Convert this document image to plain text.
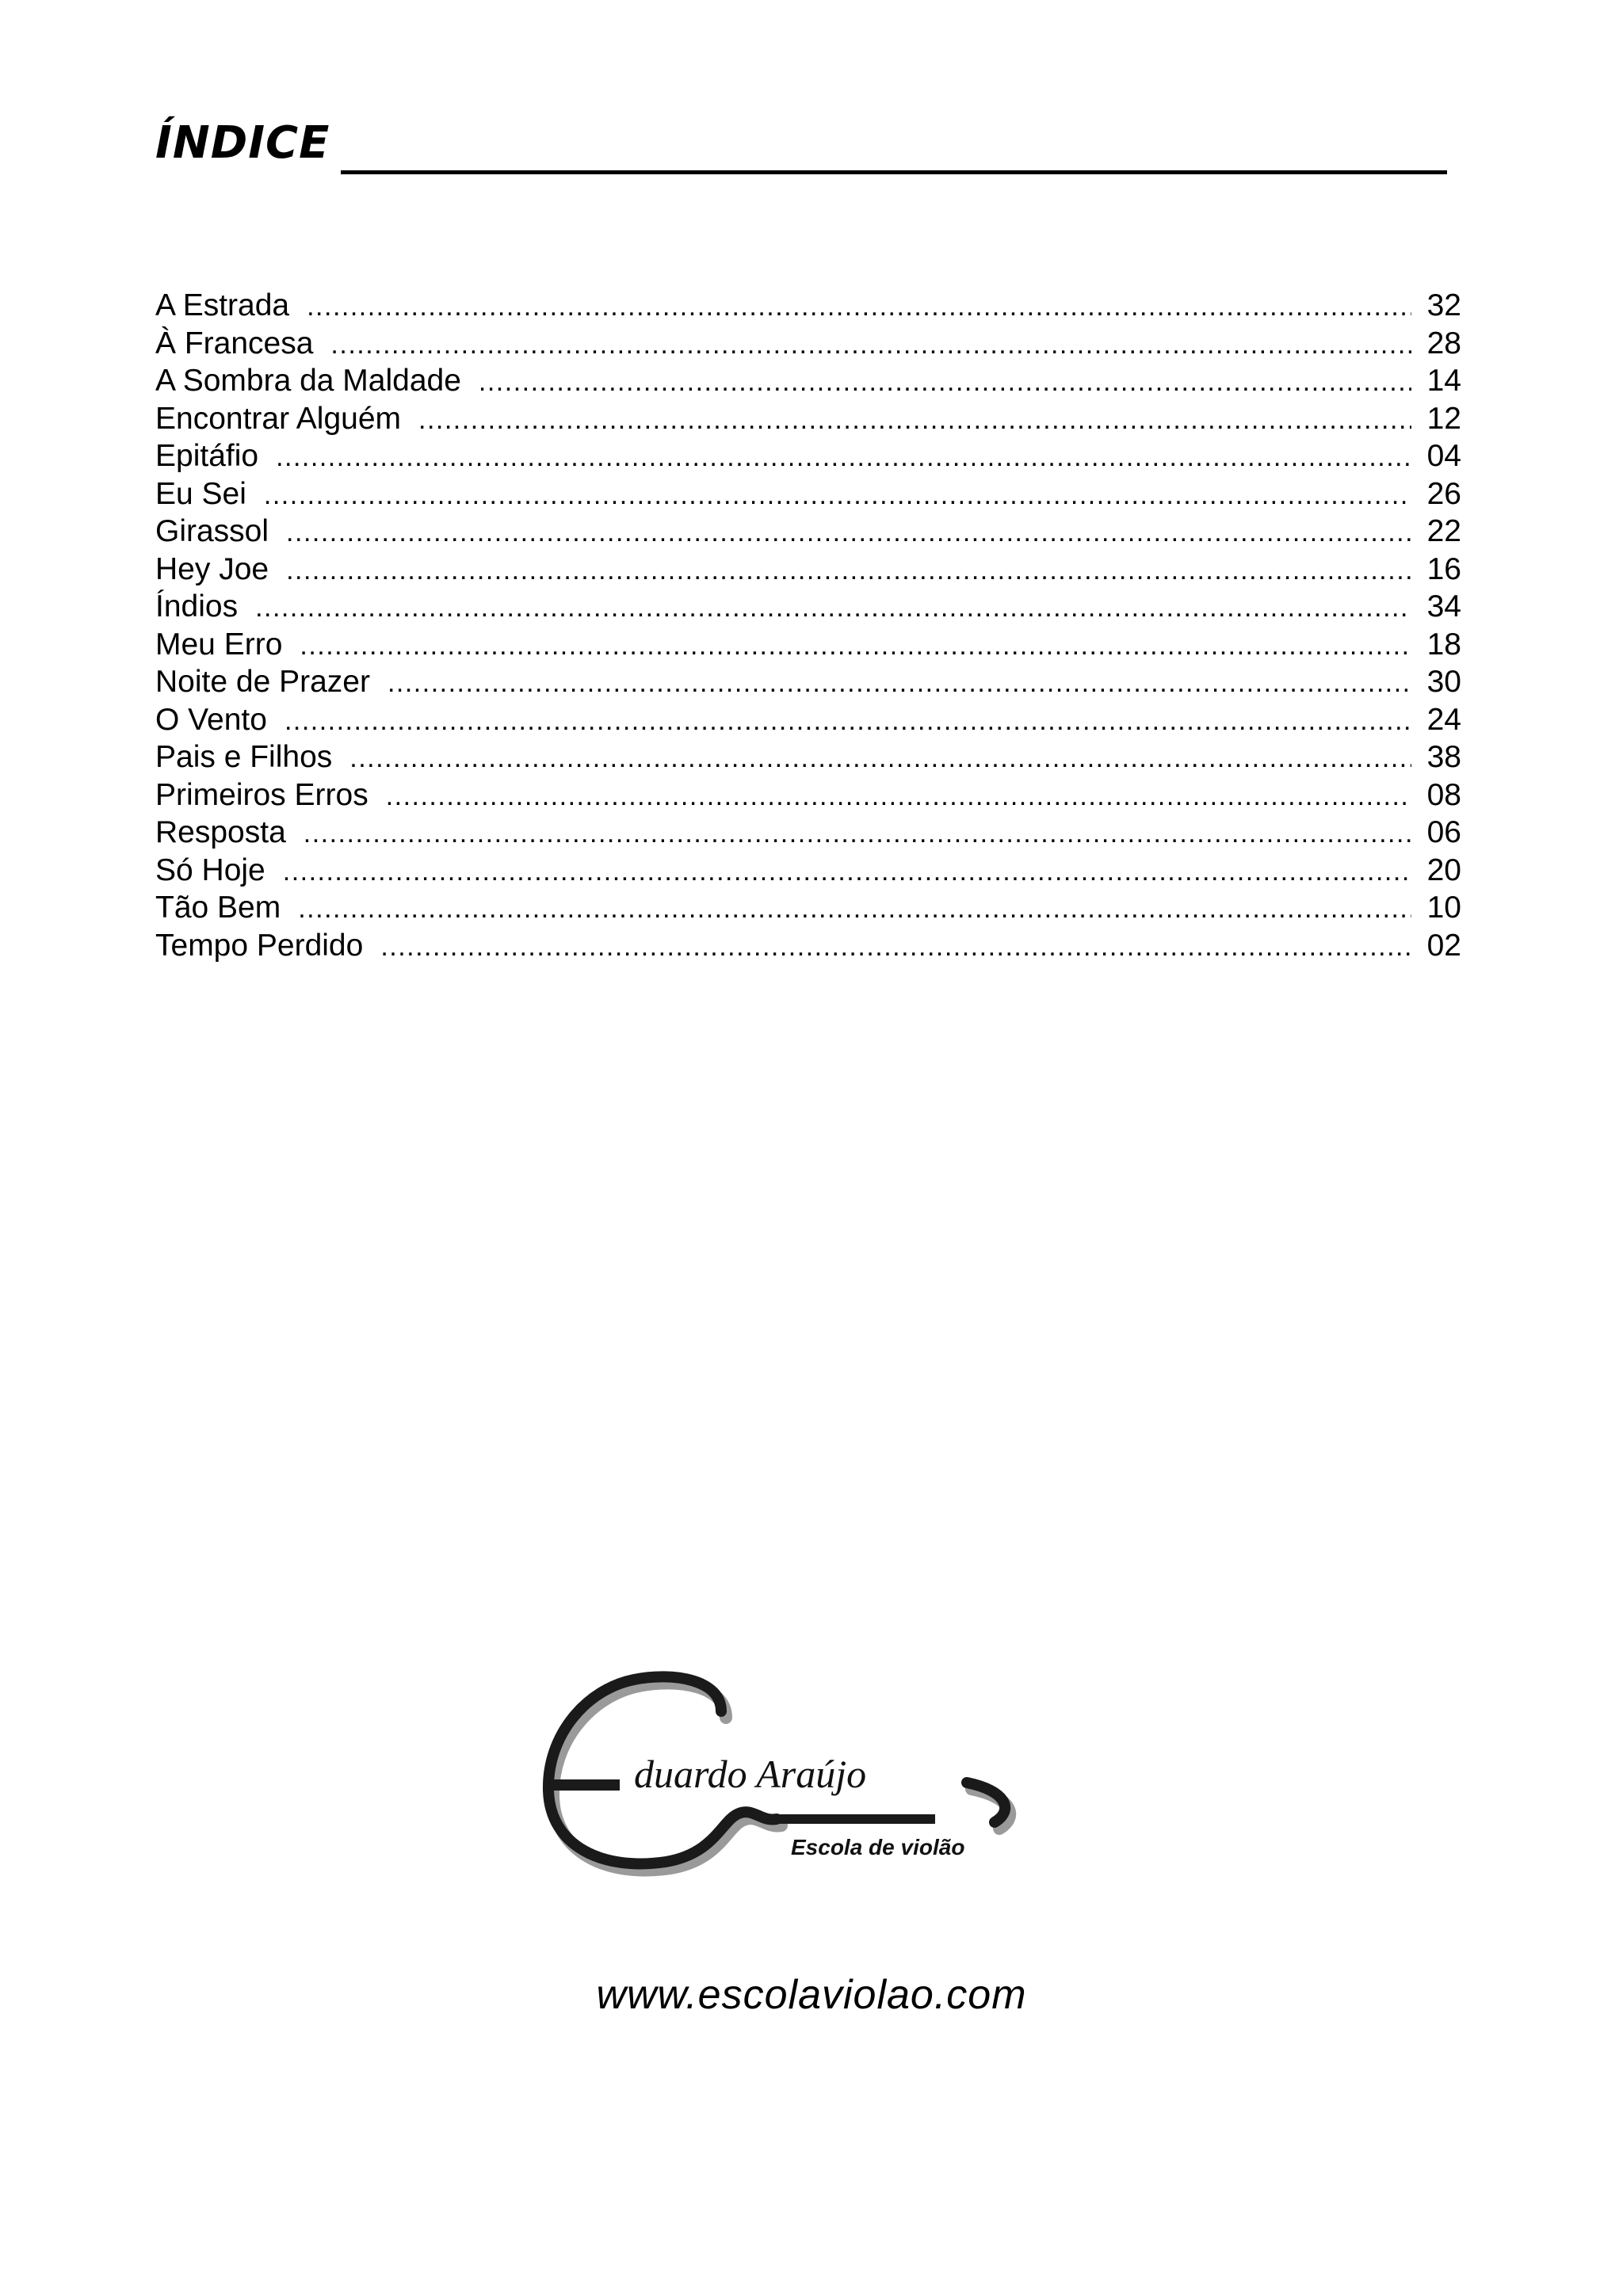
ÍNDICE
A Estrada .....	32
À Francesa .....	28
A Sombra da Maldade .....	14
Encontrar Alguém .....	12
Epitáfio .....	04
Eu Sei .....	26
Girassol .....	22
Hey Joe .....	16
Índios .....	34
Meu Erro .....	18
Noite de Prazer .....	30
O Vento .....	24
Pais e Filhos .....	38
Primeiros Erros .....	08
Resposta .....	06
Só Hoje .....	20
Tão Bem .....	10
Tempo Perdido .....	02
duardo Araújo
Escola de violão
www.escolaviolao.com
